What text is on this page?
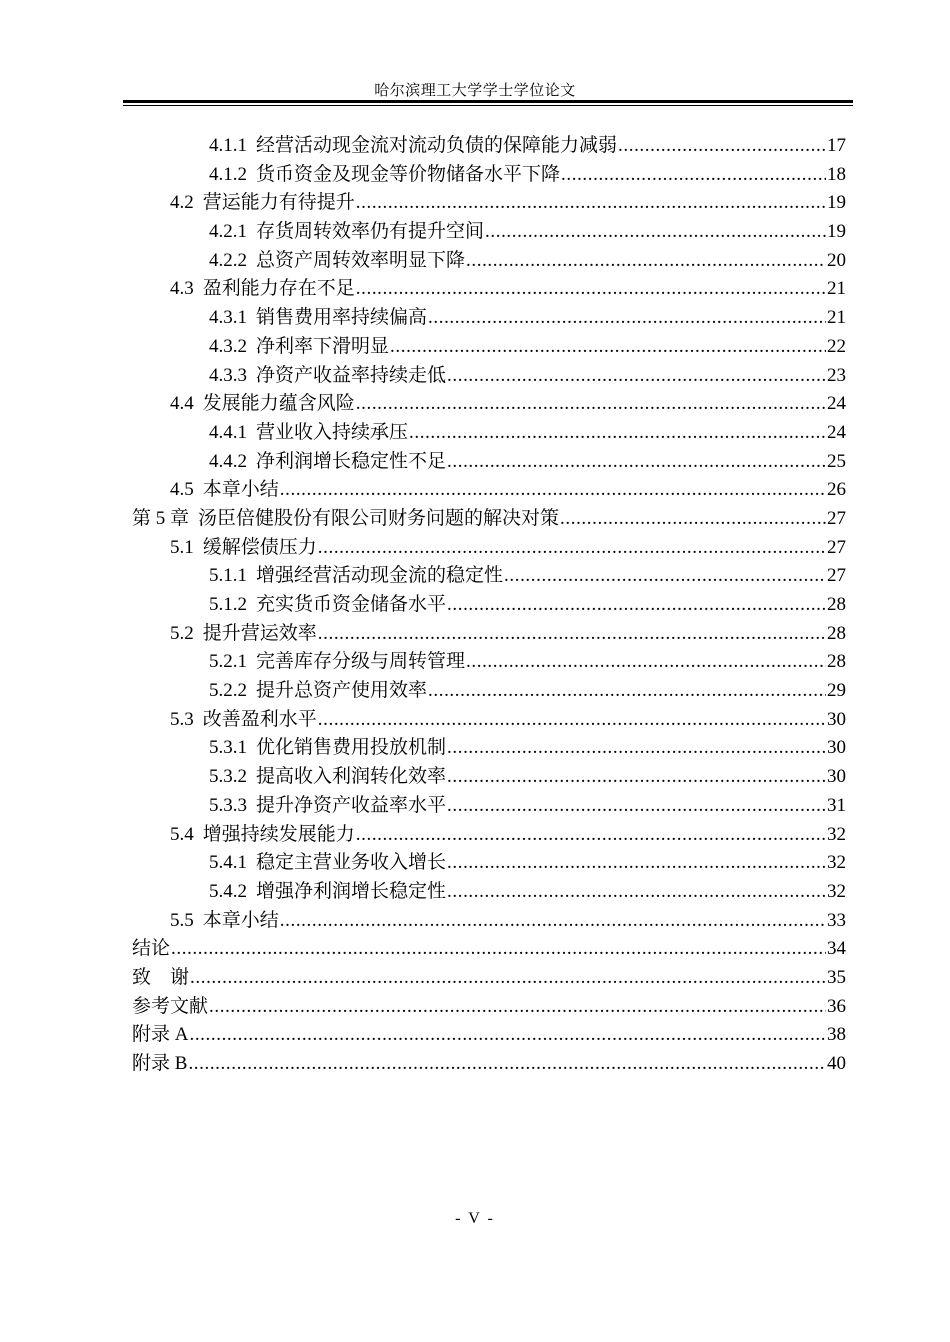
哈尔滨理工大学学士学位论文
4.1.1 经营活动现金流对流动负债的保障能力减弱 .....	17
4.1.2 货币资金及现金等价物储备水平下降 .....	18
4.2 营运能力有待提升 .....	19
4.2.1 存货周转效率仍有提升空间 .....	19
4.2.2 总资产周转效率明显下降 .....	20
4.3 盈利能力存在不足 .....	21
4.3.1 销售费用率持续偏高 .....	21
4.3.2 净利率下滑明显 .....	22
4.3.3 净资产收益率持续走低 .....	23
4.4 发展能力蕴含风险 .....	24
4.4.1 营业收入持续承压 .....	24
4.4.2 净利润增长稳定性不足 .....	25
4.5 本章小结 .....	26
第 5 章 汤臣倍健股份有限公司财务问题的解决对策 .....	27
5.1 缓解偿债压力 .....	27
5.1.1 增强经营活动现金流的稳定性 .....	27
5.1.2 充实货币资金储备水平 .....	28
5.2 提升营运效率 .....	28
5.2.1 完善库存分级与周转管理 .....	28
5.2.2 提升总资产使用效率 .....	29
5.3 改善盈利水平 .....	30
5.3.1 优化销售费用投放机制 .....	30
5.3.2 提高收入利润转化效率 .....	30
5.3.3 提升净资产收益率水平 .....	31
5.4 增强持续发展能力 .....	32
5.4.1 稳定主营业务收入增长 .....	32
5.4.2 增强净利润增长稳定性 .....	32
5.5 本章小结 .....	33
结论 .....	34
致　谢 .....	35
参考文献 .....	36
附录 A .....	38
附录 B .....	40
- V -
